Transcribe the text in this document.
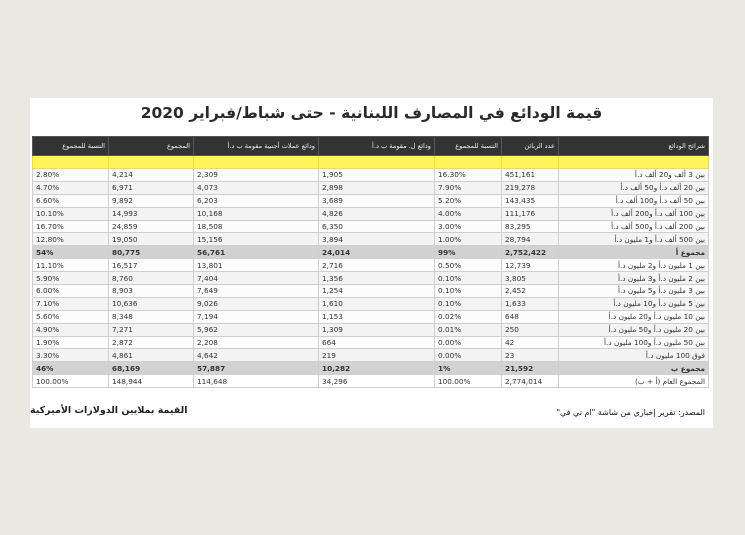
قيمة الودائع في المصارف اللبنانية - حتى شباط/فبراير 2020
شرائح الودائع	عدد الزبائن	النسبة للمجموع	ودائع ل. مقومة ب د.أ	ودائع عملات أجنبية مقومة ب د.أ	المجموع	النسبة للمجموع

بين 3 ألف و20 ألف د.أ	451,161	16.30%	1,905	2,309	4,214	2.80%
بين 20 ألف د.أ و50 ألف د.أ	219,278	7.90%	2,898	4,073	6,971	4.70%
بين 50 ألف د.أ و100 ألف د.أ	143,435	5.20%	3,689	6,203	9,892	6.60%
بين 100 ألف د.أ و200 ألف د.أ	111,176	4.00%	4,826	10,168	14,993	10.10%
بين 200 ألف د.أ و500 ألف د.أ	83,295	3.00%	6,350	18,508	24,859	16.70%
بين 500 ألف د.أ و1 مليون د.أ	28,794	1.00%	3,894	15,156	19,050	12.80%
مجموع أ	2,752,422	99%	24,014	56,761	80,775	54%
بين 1 مليون د.أ و2 مليون د.أ	12,739	0.50%	2,716	13,801	16,517	11.10%
بين 2 مليون د.أ و3 مليون د.أ	3,805	0.10%	1,356	7,404	8,760	5.90%
بين 3 مليون د.أ و5 مليون د.أ	2,452	0.10%	1,254	7,649	8,903	6.00%
بين 5 مليون د.أ و10 مليون د.أ	1,633	0.10%	1,610	9,026	10,636	7.10%
بين 10 مليون د.أ و20 مليون د.أ	648	0.02%	1,153	7,194	8,348	5.60%
بين 20 مليون د.أ و50 مليون د.أ	250	0.01%	1,309	5,962	7,271	4.90%
بين 50 مليون د.أ و100 مليون د.أ	42	0.00%	664	2,208	2,872	1.90%
فوق 100 مليون د.أ	23	0.00%	219	4,642	4,861	3.30%
مجموع ب	21,592	1%	10,282	57,887	68,169	46%
المجموع العام (أ + ب)	2,774,014	100.00%	34,296	114,648	148,944	100.00%
المصدر: تقرير إخباري من شاشة "ام تي في"
القيمة بملايين الدولارات الأميركية
